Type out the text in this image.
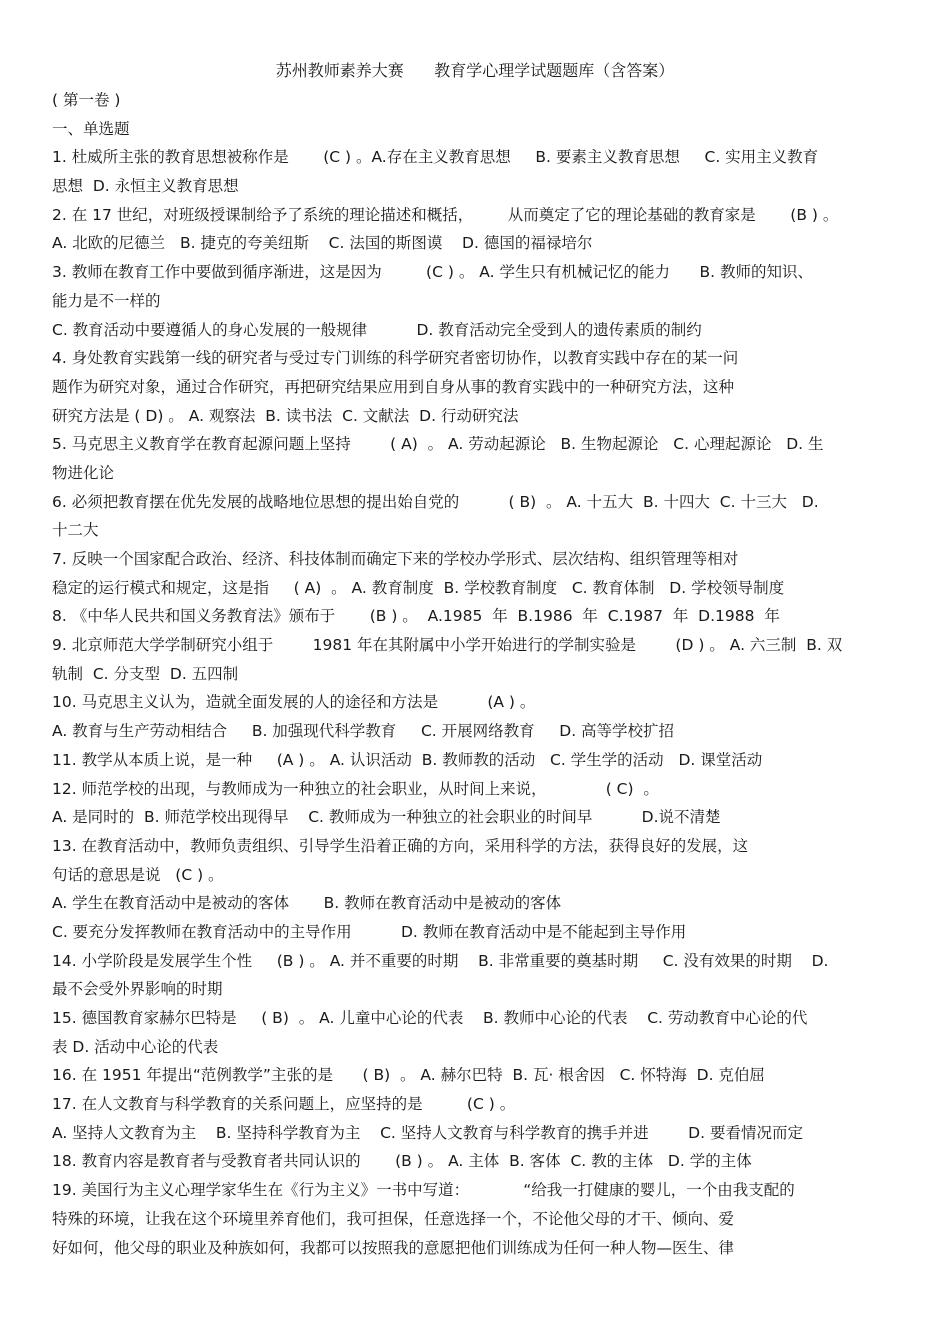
苏州教师素养大赛      教育学心理学试题题库（含答案）
( 第一卷 )
一、单选题
1. 杜威所主张的教育思想被称作是       (C ) 。A.存在主义教育思想     B. 要素主义教育思想     C. 实用主义教育
思想  D. 永恒主义教育思想
2. 在 17 世纪，对班级授课制给予了系统的理论描述和概括，       从而奠定了它的理论基础的教育家是       (B ) 。
A. 北欧的尼德兰   B. 捷克的夸美纽斯    C. 法国的斯图谟    D. 德国的福禄培尔
3. 教师在教育工作中要做到循序渐进，这是因为         (C ) 。 A. 学生只有机械记忆的能力      B. 教师的知识、
能力是不一样的
C. 教育活动中要遵循人的身心发展的一般规律          D. 教育活动完全受到人的遗传素质的制约
4. 身处教育实践第一线的研究者与受过专门训练的科学研究者密切协作，以教育实践中存在的某一问
题作为研究对象，通过合作研究，再把研究结果应用到自身从事的教育实践中的一种研究方法，这种
研究方法是 ( D) 。 A. 观察法  B. 读书法  C. 文献法  D. 行动研究法
5. 马克思主义教育学在教育起源问题上坚持        ( A)  。 A. 劳动起源论   B. 生物起源论   C. 心理起源论   D. 生
物进化论
6. 必须把教育摆在优先发展的战略地位思想的提出始自党的          ( B)  。 A. 十五大  B. 十四大  C. 十三大   D.
十二大
7. 反映一个国家配合政治、经济、科技体制而确定下来的学校办学形式、层次结构、组织管理等相对
稳定的运行模式和规定，这是指     ( A)  。 A. 教育制度  B. 学校教育制度   C. 教育体制   D. 学校领导制度
8. 《中华人民共和国义务教育法》颁布于       (B ) 。  A.1985  年  B.1986  年  C.1987  年  D.1988  年
9. 北京师范大学学制研究小组于        1981 年在其附属中小学开始进行的学制实验是        (D ) 。 A. 六三制  B. 双
轨制  C. 分支型  D. 五四制
10. 马克思主义认为，造就全面发展的人的途径和方法是          (A ) 。
A. 教育与生产劳动相结合     B. 加强现代科学教育     C. 开展网络教育     D. 高等学校扩招
11. 教学从本质上说，是一种     (A ) 。 A. 认识活动  B. 教师教的活动   C. 学生学的活动   D. 课堂活动
12. 师范学校的出现，与教师成为一种独立的社会职业，从时间上来说，            ( C)  。
A. 是同时的  B. 师范学校出现得早    C. 教师成为一种独立的社会职业的时间早          D.说不清楚
13. 在教育活动中，教师负责组织、引导学生沿着正确的方向，采用科学的方法，获得良好的发展，这
句话的意思是说   (C ) 。
A. 学生在教育活动中是被动的客体       B. 教师在教育活动中是被动的客体
C. 要充分发挥教师在教育活动中的主导作用          D. 教师在教育活动中是不能起到主导作用
14. 小学阶段是发展学生个性     (B ) 。 A. 并不重要的时期    B. 非常重要的奠基时期     C. 没有效果的时期    D.
最不会受外界影响的时期
15. 德国教育家赫尔巴特是     ( B)  。 A. 儿童中心论的代表    B. 教师中心论的代表    C. 劳动教育中心论的代
表 D. 活动中心论的代表
16. 在 1951 年提出“范例教学”主张的是      ( B)  。 A. 赫尔巴特  B. 瓦· 根舍因   C. 怀特海  D. 克伯屈
17. 在人文教育与科学教育的关系问题上，应坚持的是         (C ) 。
A. 坚持人文教育为主    B. 坚持科学教育为主    C. 坚持人文教育与科学教育的携手并进        D. 要看情况而定
18. 教育内容是教育者与受教育者共同认识的       (B ) 。 A. 主体  B. 客体  C. 教的主体   D. 学的主体
19. 美国行为主义心理学家华生在《行为主义》一书中写道：           “给我一打健康的婴儿，一个由我支配的
特殊的环境，让我在这个环境里养育他们，我可担保，任意选择一个，不论他父母的才干、倾向、爱
好如何，他父母的职业及种族如何，我都可以按照我的意愿把他们训练成为任何一种人物—医生、律
